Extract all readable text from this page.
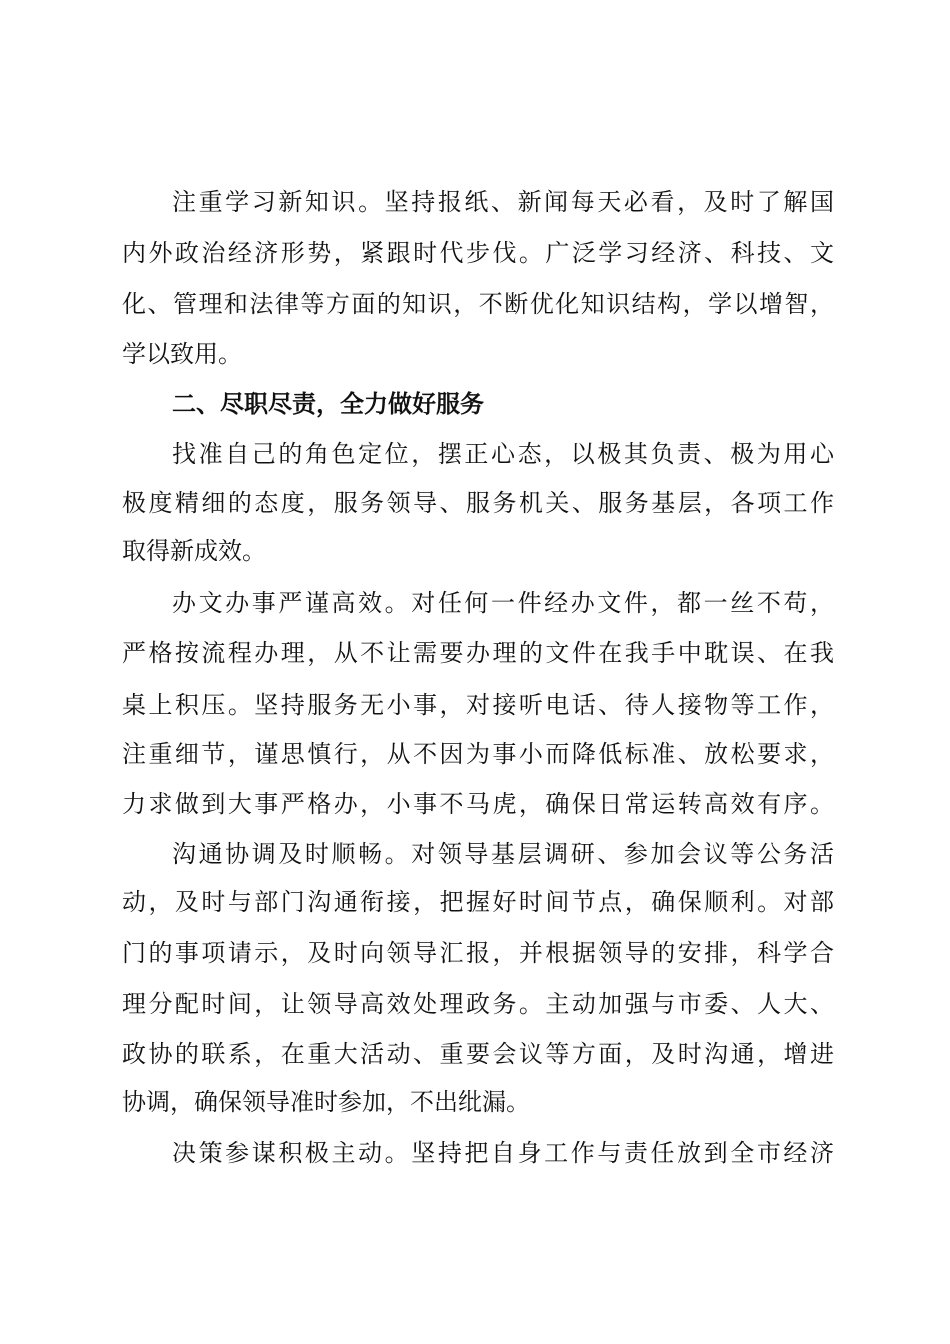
注重学习新知识。坚持报纸、新闻每天必看，及时了解国
内外政治经济形势，紧跟时代步伐。广泛学习经济、科技、文
化、管理和法律等方面的知识，不断优化知识结构，学以增智，
学以致用。
二、尽职尽责，全力做好服务
找准自己的角色定位，摆正心态，以极其负责、极为用心
极度精细的态度，服务领导、服务机关、服务基层，各项工作
取得新成效。
办文办事严谨高效。对任何一件经办文件，都一丝不苟，
严格按流程办理，从不让需要办理的文件在我手中耽误、在我
桌上积压。坚持服务无小事，对接听电话、待人接物等工作，
注重细节，谨思慎行，从不因为事小而降低标准、放松要求，
力求做到大事严格办，小事不马虎，确保日常运转高效有序。
沟通协调及时顺畅。对领导基层调研、参加会议等公务活
动，及时与部门沟通衔接，把握好时间节点，确保顺利。对部
门的事项请示，及时向领导汇报，并根据领导的安排，科学合
理分配时间，让领导高效处理政务。主动加强与市委、人大、
政协的联系，在重大活动、重要会议等方面，及时沟通，增进
协调，确保领导准时参加，不出纰漏。
决策参谋积极主动。坚持把自身工作与责任放到全市经济
